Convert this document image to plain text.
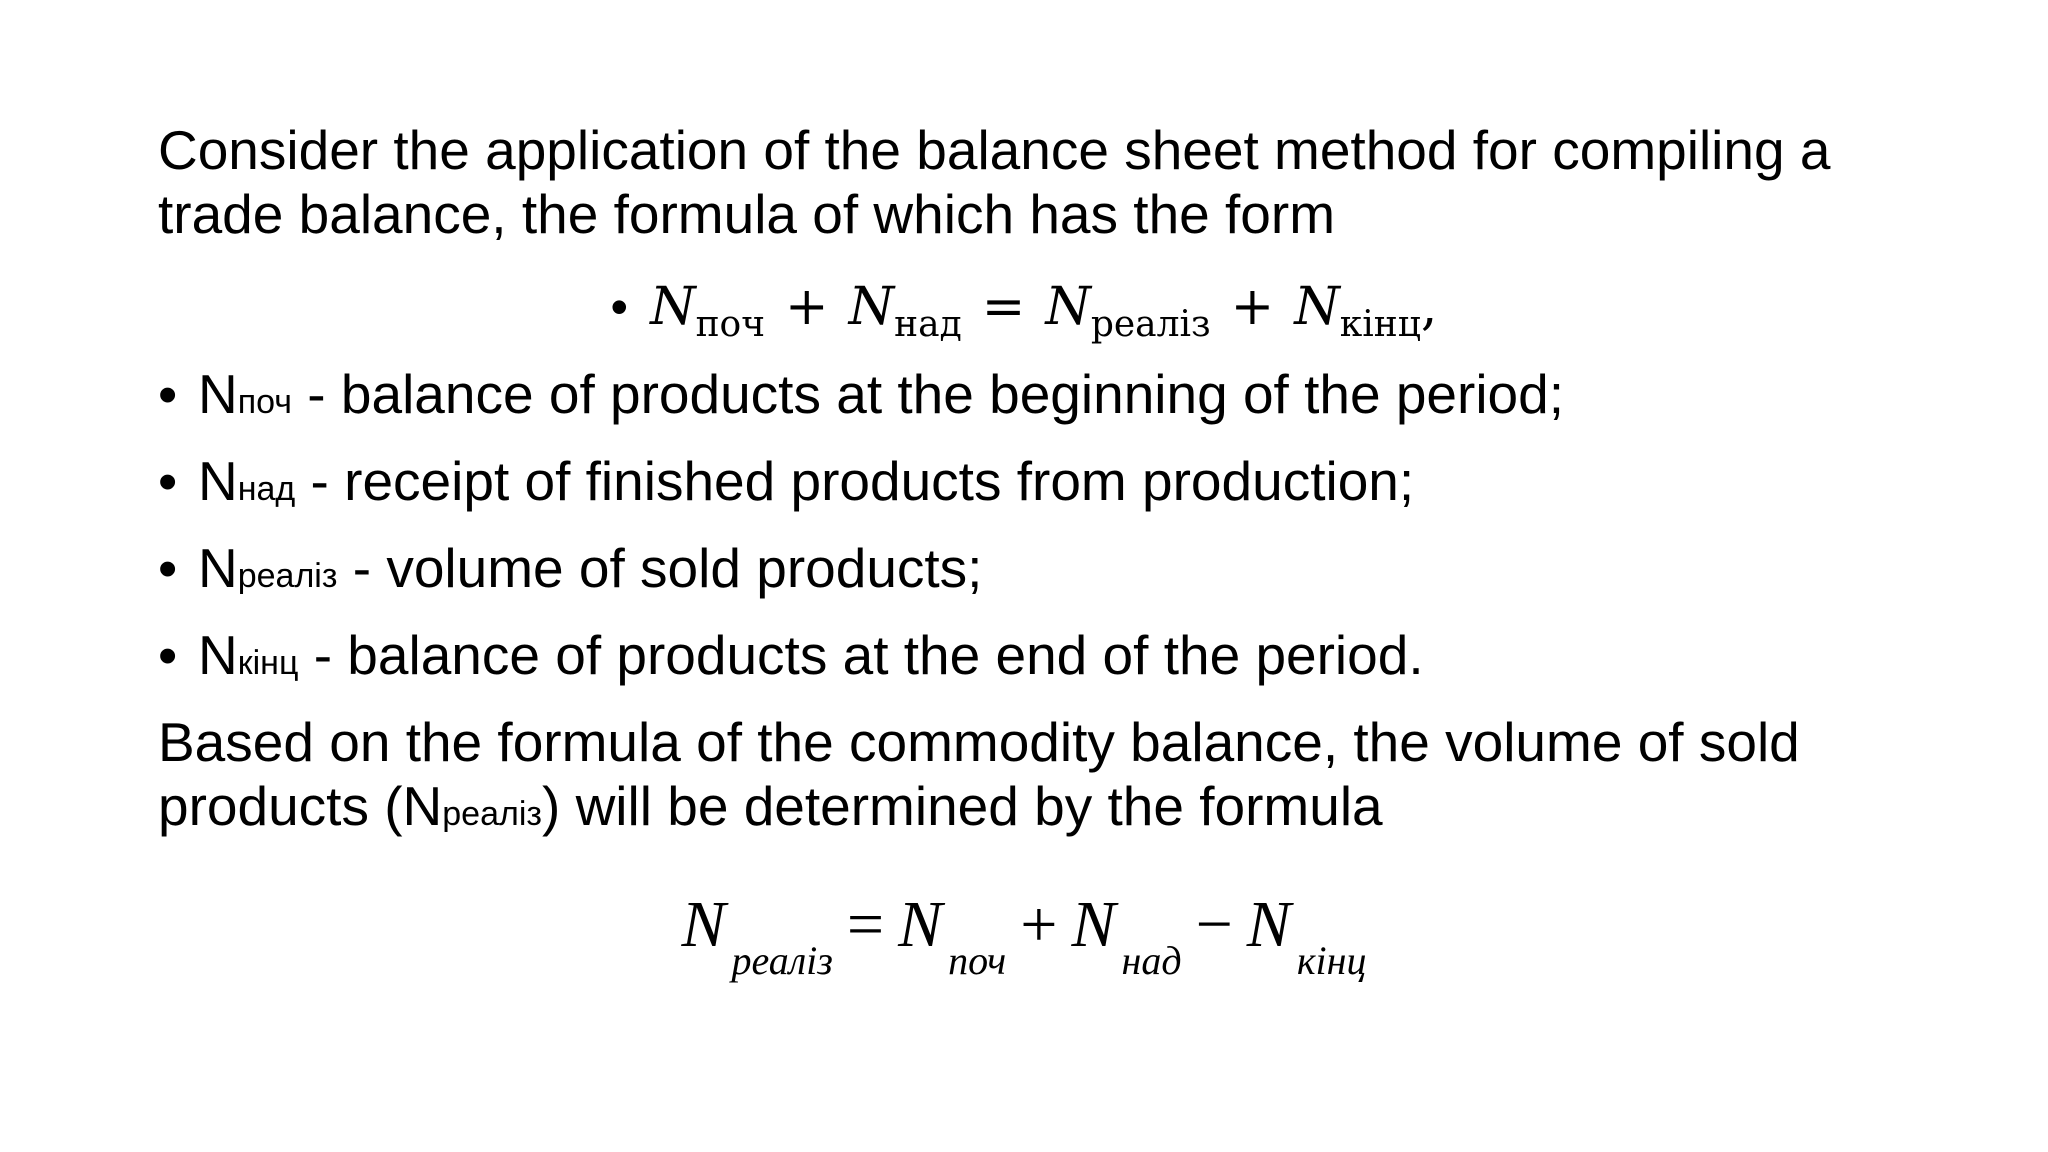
Consider the application of the balance sheet method for compiling a trade balance, the formula of which has the form

• $N_{поч} + N_{над} = N_{реаліз} + N_{кінц}$,
• Nпоч - balance of products at the beginning of the period;
• Nнад - receipt of finished products from production;
• Nреаліз - volume of sold products;
• Nкінц - balance of products at the end of the period.

Based on the formula of the commodity balance, the volume of sold products (Nреаліз) will be determined by the formula

N $_{реаліз}$ = N $_{поч}$ + N $_{над}$ − N $_{кінц}$
